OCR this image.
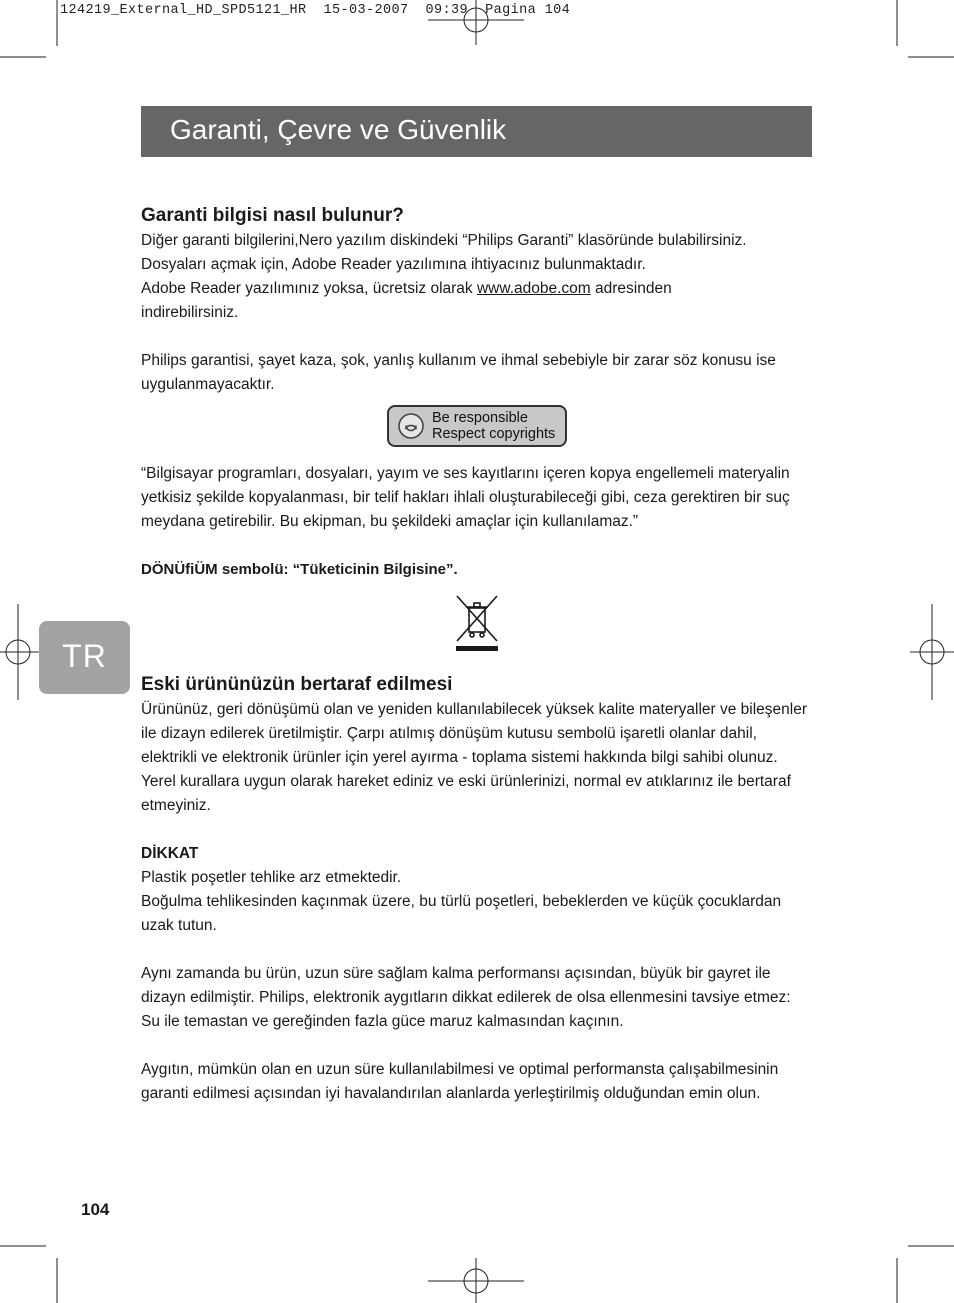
124219_External_HD_SPD5121_HR  15-03-2007  09:39  Pagina 104
Garanti, Çevre ve Güvenlik
Garanti bilgisi nasıl bulunur?

Diğer garanti bilgilerini,Nero yazılım diskindeki “Philips Garanti” klasöründe bulabilirsiniz.

Dosyaları açmak için, Adobe Reader yazılımına ihtiyacınız bulunmaktadır.

Adobe Reader yazılımınız yoksa, ücretsiz olarak www.adobe.com adresinden

indirebilirsiniz.

Philips garantisi, şayet kaza, şok, yanlış kullanım ve ihmal sebebiyle bir zarar söz konusu ise uygulanmayacaktır.

Be responsible
Respect copyrights

“Bilgisayar programları, dosyaları, yayım ve ses kayıtlarını içeren kopya engellemeli materyalin yetkisiz şekilde kopyalanması, bir telif hakları ihlali oluşturabileceği gibi, ceza gerektiren bir suç meydana getirebilir. Bu ekipman, bu şekildeki amaçlar için kullanılamaz.”

DÖNÜfiÜM sembolü: “Tüketicinin Bilgisine”.

Eski ürününüzün bertaraf edilmesi

Ürününüz, geri dönüşümü olan ve yeniden kullanılabilecek yüksek kalite materyaller ve bileşenler ile dizayn edilerek üretilmiştir. Çarpı atılmış dönüşüm kutusu sembolü işaretli olanlar dahil, elektrikli ve elektronik ürünler için yerel ayırma - toplama sistemi hakkında bilgi sahibi olunuz. Yerel kurallara uygun olarak hareket ediniz ve eski ürünlerinizi, normal ev atıklarınız ile bertaraf etmeyiniz.

DİKKAT

Plastik poşetler tehlike arz etmektedir.

Boğulma tehlikesinden kaçınmak üzere, bu türlü poşetleri, bebeklerden ve küçük çocuklardan uzak tutun.

Aynı zamanda bu ürün, uzun süre sağlam kalma performansı açısından, büyük bir gayret ile dizayn edilmiştir. Philips, elektronik aygıtların dikkat edilerek de olsa ellenmesini tavsiye etmez: Su ile temastan ve gereğinden fazla güce maruz kalmasından kaçının.

Aygıtın, mümkün olan en uzun süre kullanılabilmesi ve optimal performansta çalışabilmesinin garanti edilmesi açısından iyi havalandırılan alanlarda yerleştirilmiş olduğundan emin olun.

TR
104
